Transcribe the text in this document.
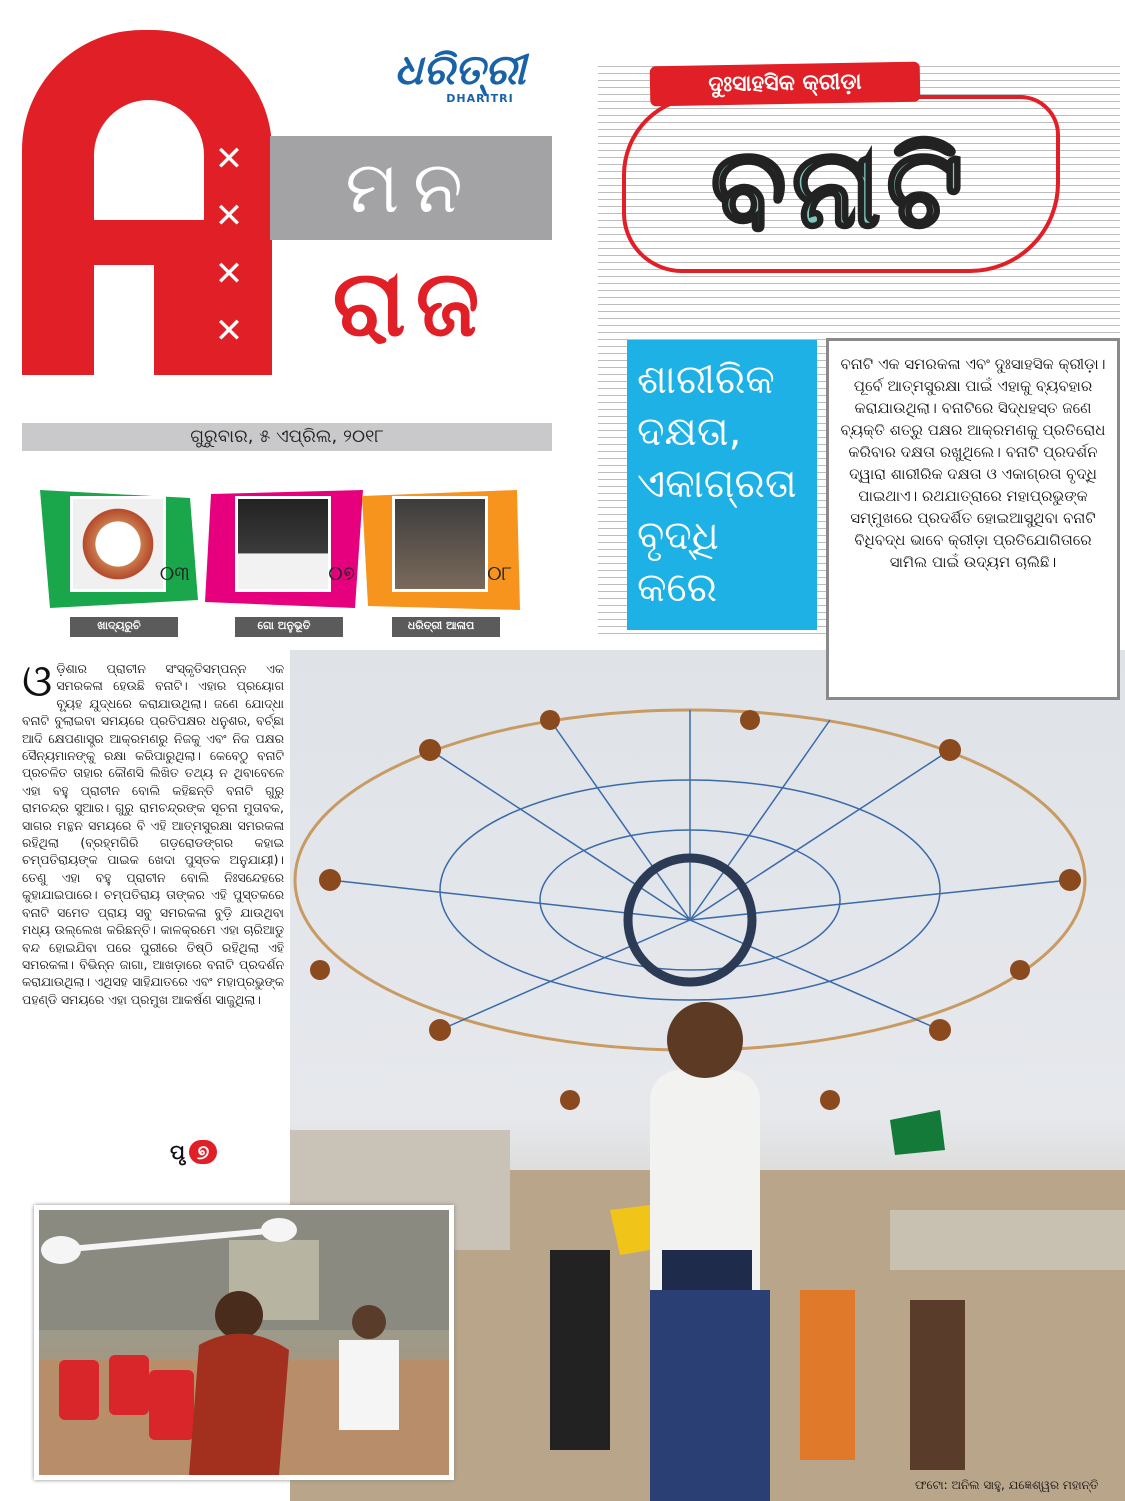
✕
✕
✕
✕
ଧରିତ୍ରୀ
DHARITRI
ମନ
ରାଜ
ଗୁରୁବାର, ୫ ଏପ୍ରିଲ, ୨୦୧୮
୦୩
ଖାଦ୍ୟରୁଚି
୦୭
ଗୋ ଅନୁଭୂତି
୦୮
ଧରିତ୍ରୀ ଆଳାପ
ଦୁଃସାହସିକ କ୍ରୀଡ଼ା
ବନାଟି
ଶାରୀରିକ ଦକ୍ଷତା, ଏକାଗ୍ରତା ବୃଦ୍ଧି କରେ
ବନାଟି ଏକ ସମରକଳା ଏବଂ ଦୁଃସାହସିକ କ୍ରୀଡ଼ା। ପୂର୍ବେ ଆତ୍ମସୁରକ୍ଷା ପାଇଁ ଏହାକୁ ବ୍ୟବହାର କରାଯାଉଥିଲା। ବନାଟିରେ ସିଦ୍ଧହସ୍ତ ଜଣେ ବ୍ୟକ୍ତି ଶତ୍ରୁ ପକ୍ଷର ଆକ୍ରମଣକୁ ପ୍ରତିରୋଧ କରିବାର ଦକ୍ଷତା ରଖୁଥିଲେ। ବନାଟି ପ୍ରଦର୍ଶନ ଦ୍ୱାରା ଶାରୀରିକ ଦକ୍ଷତା ଓ ଏକାଗ୍ରତା ବୃଦ୍ଧି ପାଇଥାଏ। ରଥଯାତ୍ରାରେ ମହାପ୍ରଭୁଙ୍କ ସମ୍ମୁଖରେ ପ୍ରଦର୍ଶିତ ହୋଇଆସୁଥିବା ବନାଟି ବିଧିବଦ୍ଧ ଭାବେ କ୍ରୀଡ଼ା ପ୍ରତିଯୋଗିତାରେ ସାମିଲ ପାଇଁ ଉଦ୍ୟମ ଚାଲିଛି।
ଓଡ଼ିଶାର ପ୍ରାଚୀନ ସଂସ୍କୃତିସମ୍ପନ୍ନ ଏକ ସମରକଳା ହେଉଛି ବନାଟି। ଏହାର ପ୍ରୟୋଗ ବ୍ୟୂହ ଯୁଦ୍ଧରେ କରାଯାଉଥିଲା। ଜଣେ ଯୋଦ୍ଧା ବନାଟି ବୁଲାଇବା ସମୟରେ ପ୍ରତିପକ୍ଷର ଧନୁଶର, ବର୍ଚ୍ଛା ଆଦି କ୍ଷେପଣାସ୍ତ୍ର ଆକ୍ରମଣରୁ ନିଜକୁ ଏବଂ ନିଜ ପକ୍ଷର ସୈନ୍ୟମାନଙ୍କୁ ରକ୍ଷା କରିପାରୁଥିଲା। କେବେଠୁ ବନାଟି ପ୍ରଚଳିତ ତାହାର କୌଣସି ଲିଖିତ ତଥ୍ୟ ନ ଥିବାବେଳେ ଏହା ବହୁ ପ୍ରାଚୀନ ବୋଲି କହିଛନ୍ତି ବନାଟି ଗୁରୁ ରାମଚନ୍ଦ୍ର ସୁଆର। ଗୁରୁ ରାମଚନ୍ଦ୍ରଙ୍କ ସୂଚନା ମୁତାବକ, ସାଗର ମନ୍ଥନ ସମୟରେ ବି ଏହି ଆତ୍ମସୁରକ୍ଷା ସମରକଳା ରହିଥିଲା (ବ୍ରହ୍ମଗିରି ଗଡ଼ରୋଡଙ୍ଗର କହାଇ ଚମ୍ପତିରାୟଙ୍କ ପାଇକ ଖେଦା ପୁସ୍ତକ ଅନୁଯାୟୀ)। ତେଣୁ ଏହା ବହୁ ପ୍ରାଚୀନ ବୋଲି ନିଃସନ୍ଦେହରେ କୁହାଯାଇପାରେ। ଚମ୍ପତିରାୟ ତାଙ୍କର ଏହି ପୁସ୍ତକରେ ବନାଟି ସମେତ ପ୍ରାୟ ସବୁ ସମରକଳା ବୁଡ଼ି ଯାଉଥିବା ମଧ୍ୟ ଉଲ୍ଲେଖ କରିଛନ୍ତି। କାଳକ୍ରମେ ଏହା ଚାରିଆଡୁ ବନ୍ଦ ହୋଇଯିବା ପରେ ପୁରୀରେ ତିଷ୍ଠି ରହିଥିଲା ଏହି ସମରକଳା। ବିଭିନ୍ନ ଜାଗା, ଆଖଡ଼ାରେ ବନାଟି ପ୍ରଦର୍ଶନ କରାଯାଉଥିଲା। ଏଥିସହ ସାହିଯାତରେ ଏବଂ ମହାପ୍ରଭୁଙ୍କ ପହଣ୍ଡି ସମୟରେ ଏହା ପ୍ରମୁଖ ଆକର୍ଷଣ ସାଜୁଥିଲା।
ପୃ ୭
ଫଟୋ: ଅନିଲ ସାହୁ, ଯଜ୍ଞେଶ୍ୱର ମହାନ୍ତି
